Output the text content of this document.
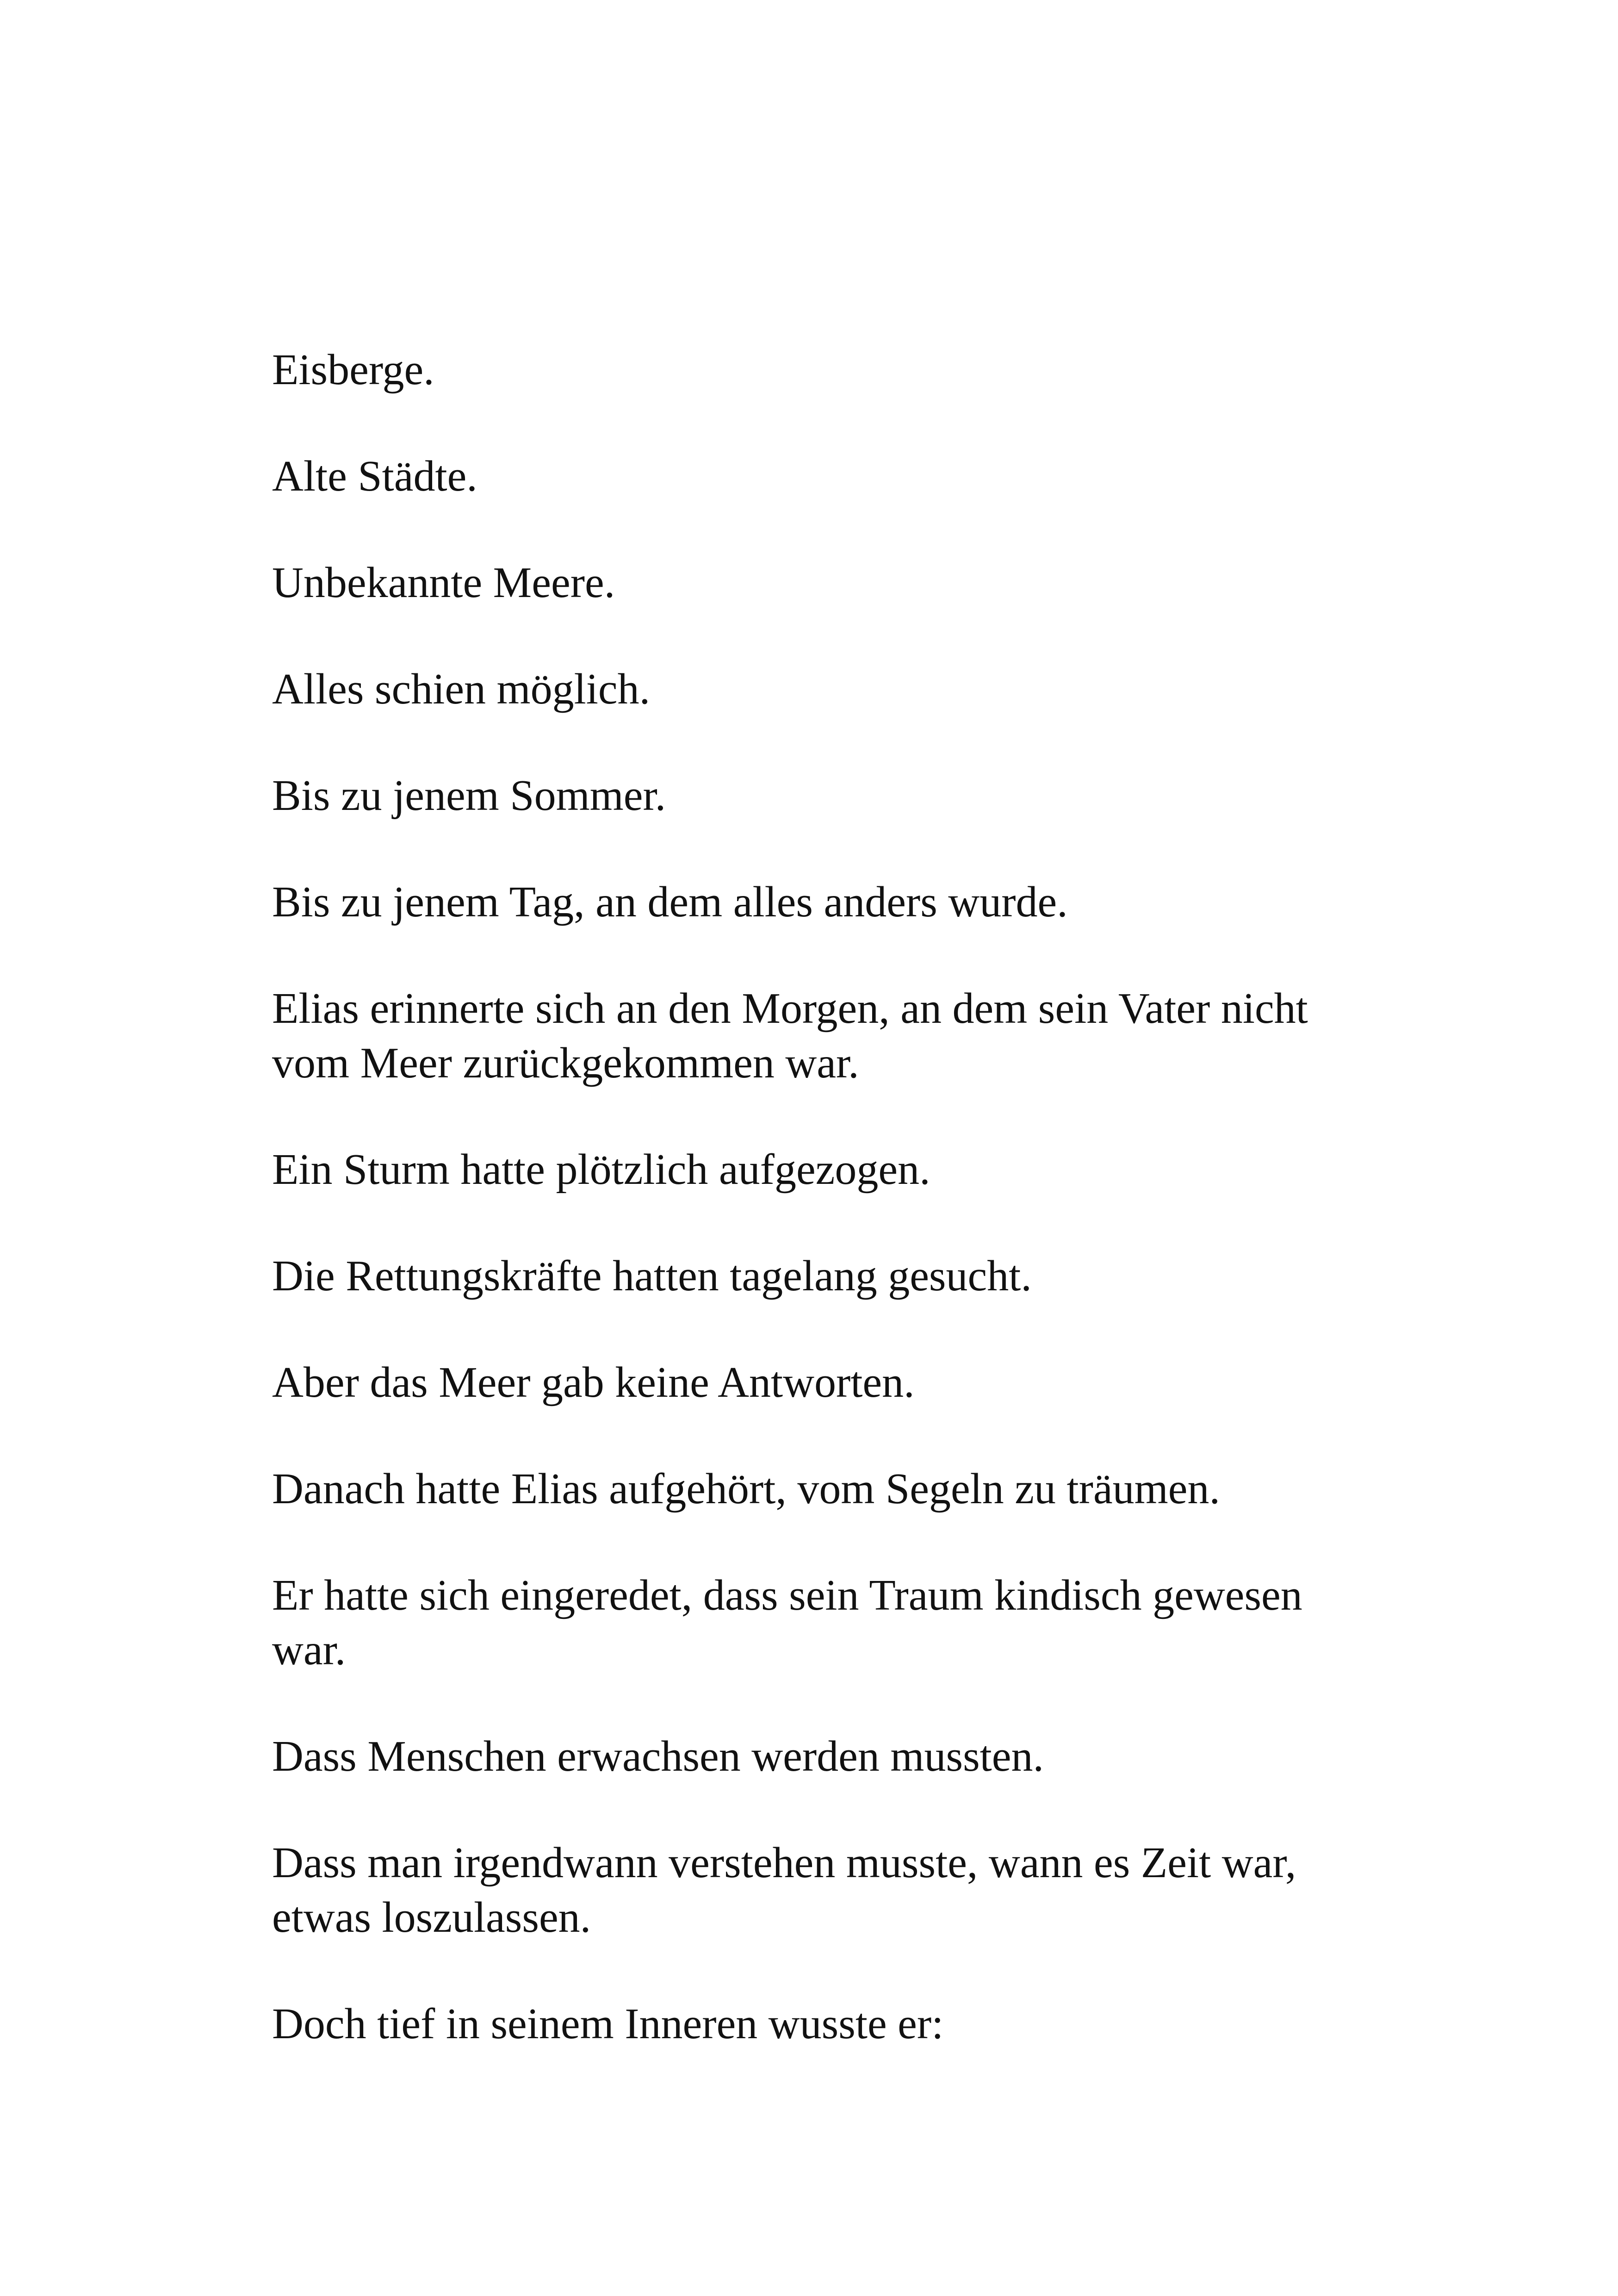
Eisberge.

Alte Städte.

Unbekannte Meere.

Alles schien möglich.

Bis zu jenem Sommer.

Bis zu jenem Tag, an dem alles anders wurde.

Elias erinnerte sich an den Morgen, an dem sein Vater nicht vom Meer zurückgekommen war.

Ein Sturm hatte plötzlich aufgezogen.

Die Rettungskräfte hatten tagelang gesucht.

Aber das Meer gab keine Antworten.

Danach hatte Elias aufgehört, vom Segeln zu träumen.

Er hatte sich eingeredet, dass sein Traum kindisch gewesen war.

Dass Menschen erwachsen werden mussten.

Dass man irgendwann verstehen musste, wann es Zeit war, etwas loszulassen.

Doch tief in seinem Inneren wusste er:
